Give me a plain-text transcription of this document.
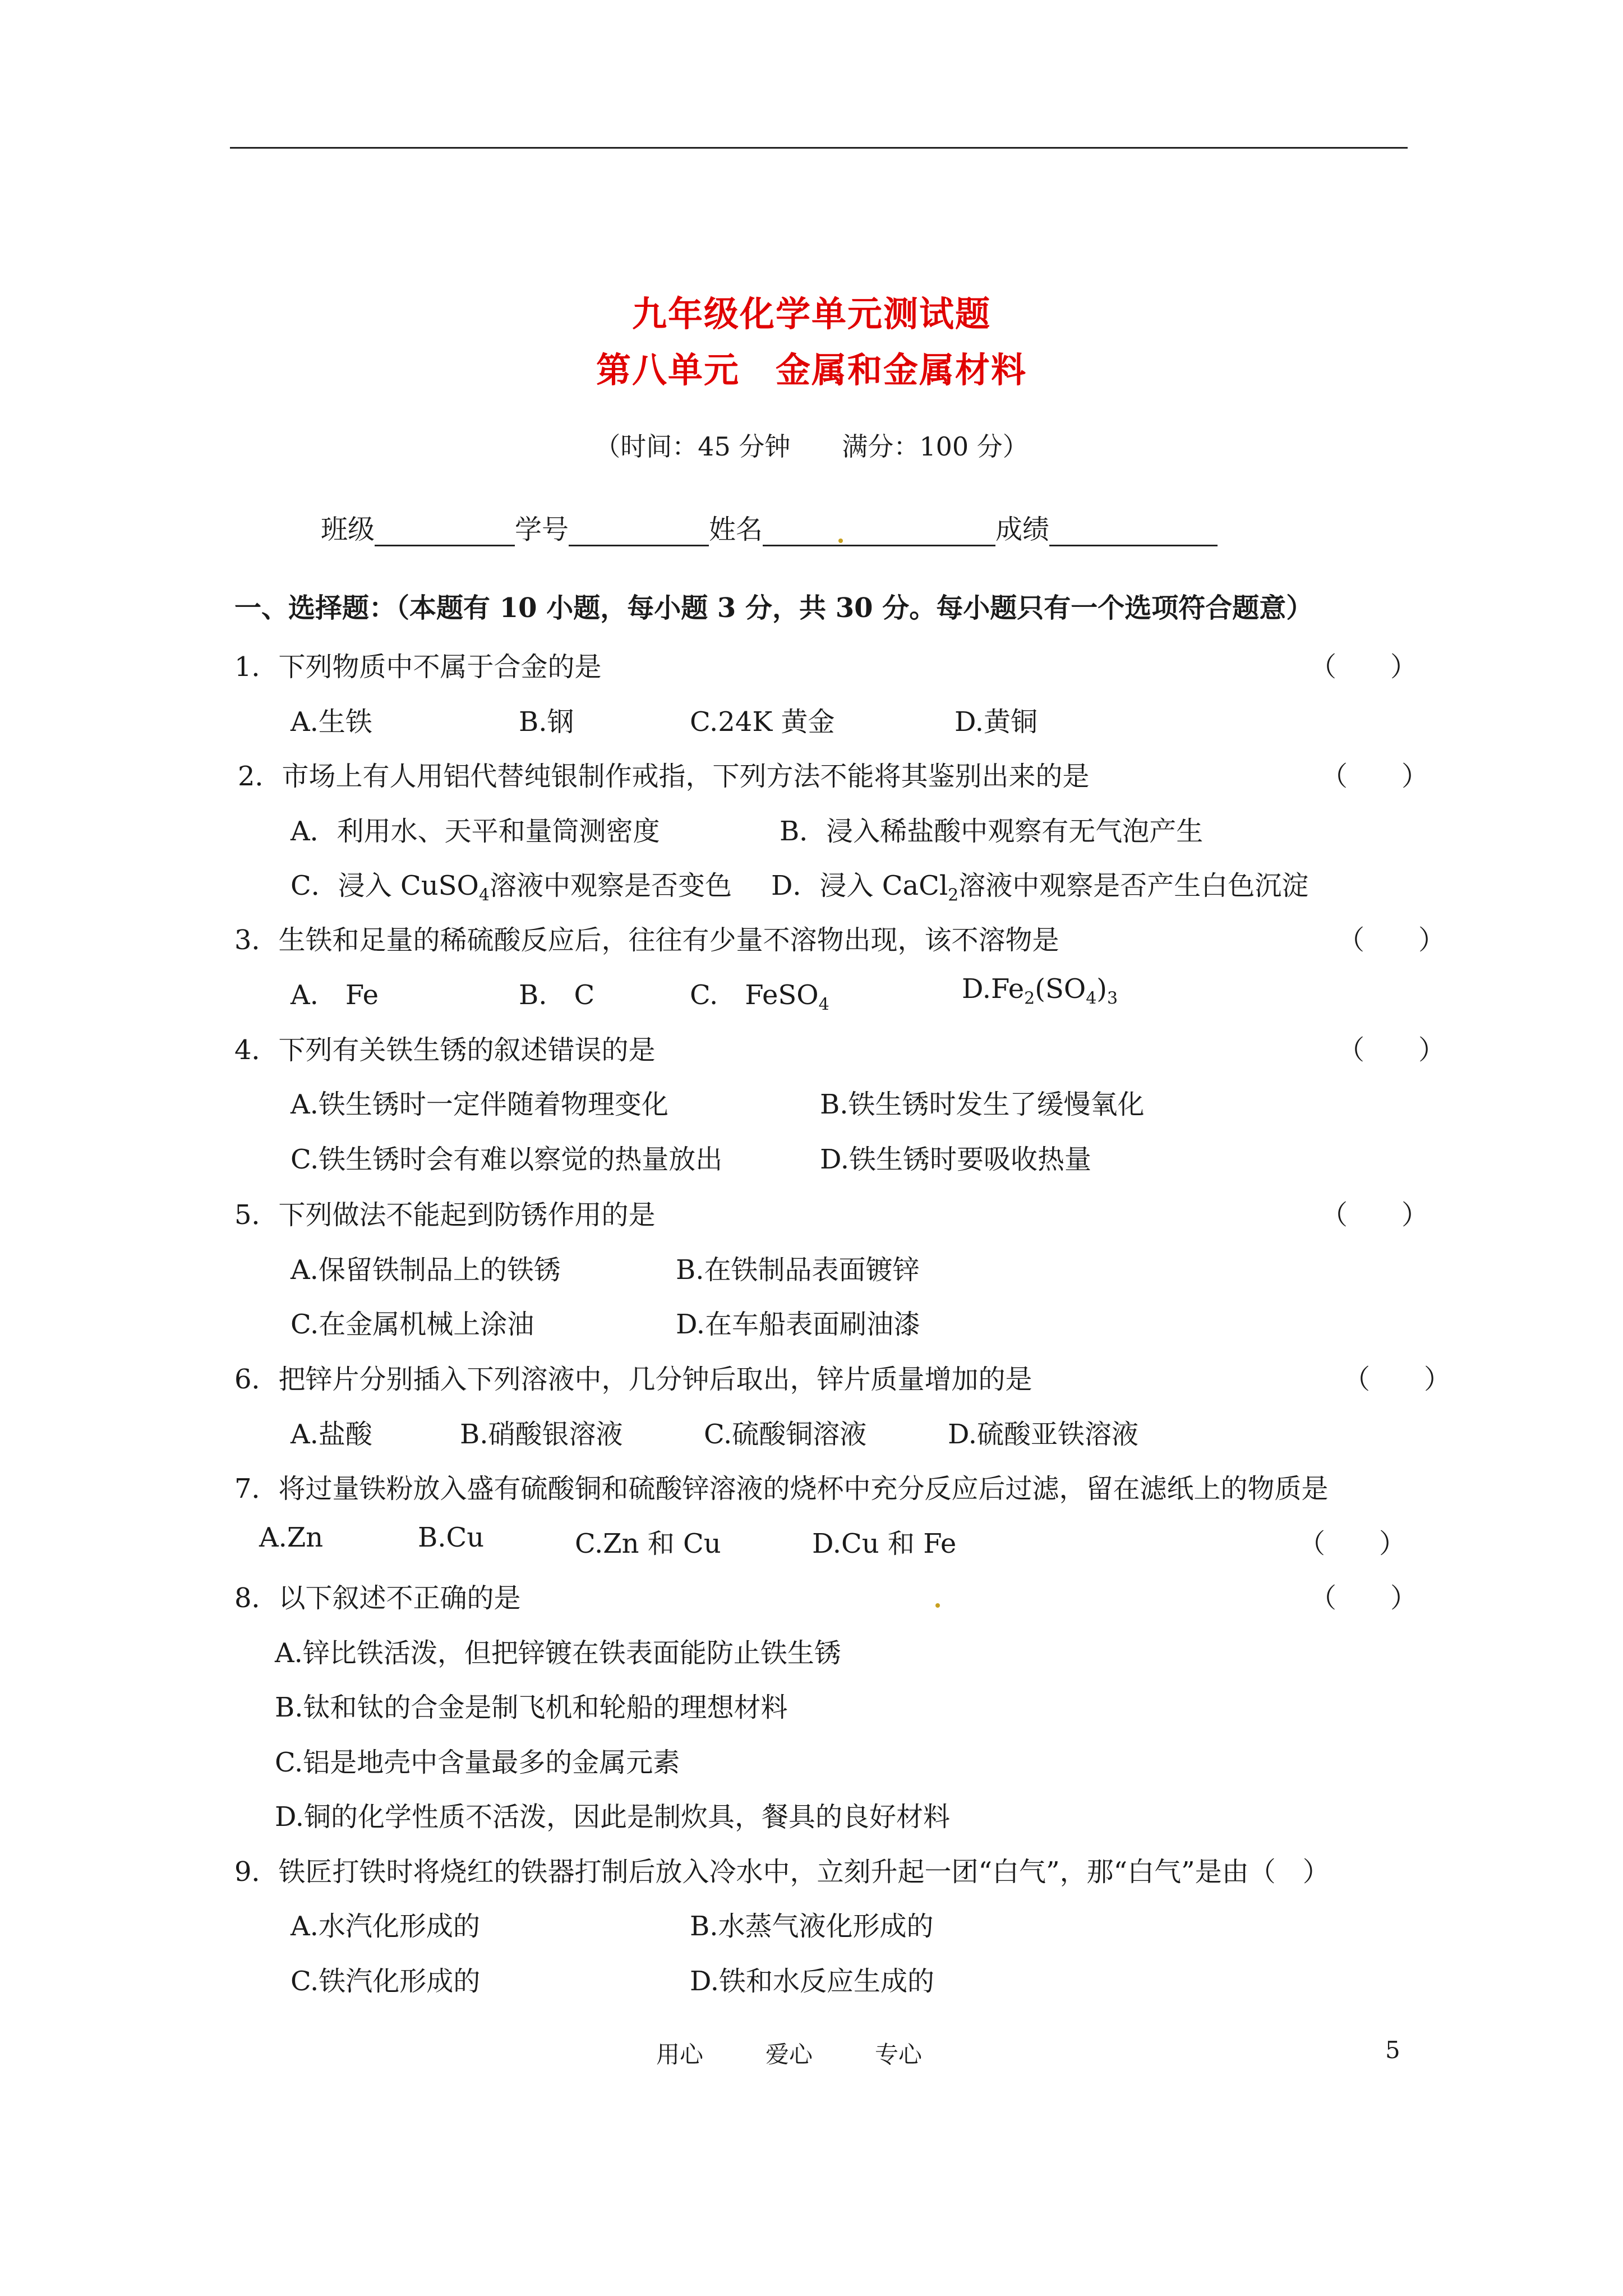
九年级化学单元测试题
第八单元　金属和金属材料
（时间：45 分钟　　满分：100 分）
班级	学号	姓名	成绩
一、选择题：（本题有 10 小题，每小题 3 分，共 30 分。每小题只有一个选项符合题意）
1．下列物质中不属于合金的是	（　　）
A.生铁	B.钢	C.24K 黄金	D.黄铜
2．市场上有人用铝代替纯银制作戒指，下列方法不能将其鉴别出来的是	（　　）
A．利用水、天平和量筒测密度	B．浸入稀盐酸中观察有无气泡产生
C．浸入 CuSO$_4$溶液中观察是否变色 D．浸入 CaCl$_2$溶液中观察是否产生白色沉淀
3．生铁和足量的稀硫酸反应后，往往有少量不溶物出现，该不溶物是	（　　）
A.　Fe	B.　C	C.　FeSO$_4$
$D.Fe_2(SO_4)_3$
4．下列有关铁生锈的叙述错误的是	（　　）
A.铁生锈时一定伴随着物理变化	B.铁生锈时发生了缓慢氧化
C.铁生锈时会有难以察觉的热量放出	D.铁生锈时要吸收热量
5．下列做法不能起到防锈作用的是	（　　）
A.保留铁制品上的铁锈	B.在铁制品表面镀锌
C.在金属机械上涂油	D.在车船表面刷油漆
6．把锌片分别插入下列溶液中，几分钟后取出，锌片质量增加的是	（　　）
A.盐酸	B.硝酸银溶液	C.硫酸铜溶液	D.硫酸亚铁溶液
7．将过量铁粉放入盛有硫酸铜和硫酸锌溶液的烧杯中充分反应后过滤，留在滤纸上的物质是
A.Zn	B.Cu	C.Zn 和 Cu	D.Cu 和 Fe	（　　）
8．以下叙述不正确的是	（　　）
A.锌比铁活泼，但把锌镀在铁表面能防止铁生锈
B.钛和钛的合金是制飞机和轮船的理想材料
C.铝是地壳中含量最多的金属元素
D.铜的化学性质不活泼，因此是制炊具，餐具的良好材料
9．铁匠打铁时将烧红的铁器打制后放入冷水中，立刻升起一团“白气”，那“白气”是由（　）
A.水汽化形成的	B.水蒸气液化形成的
C.铁汽化形成的	D.铁和水反应生成的
用心	爱心	专心	5
